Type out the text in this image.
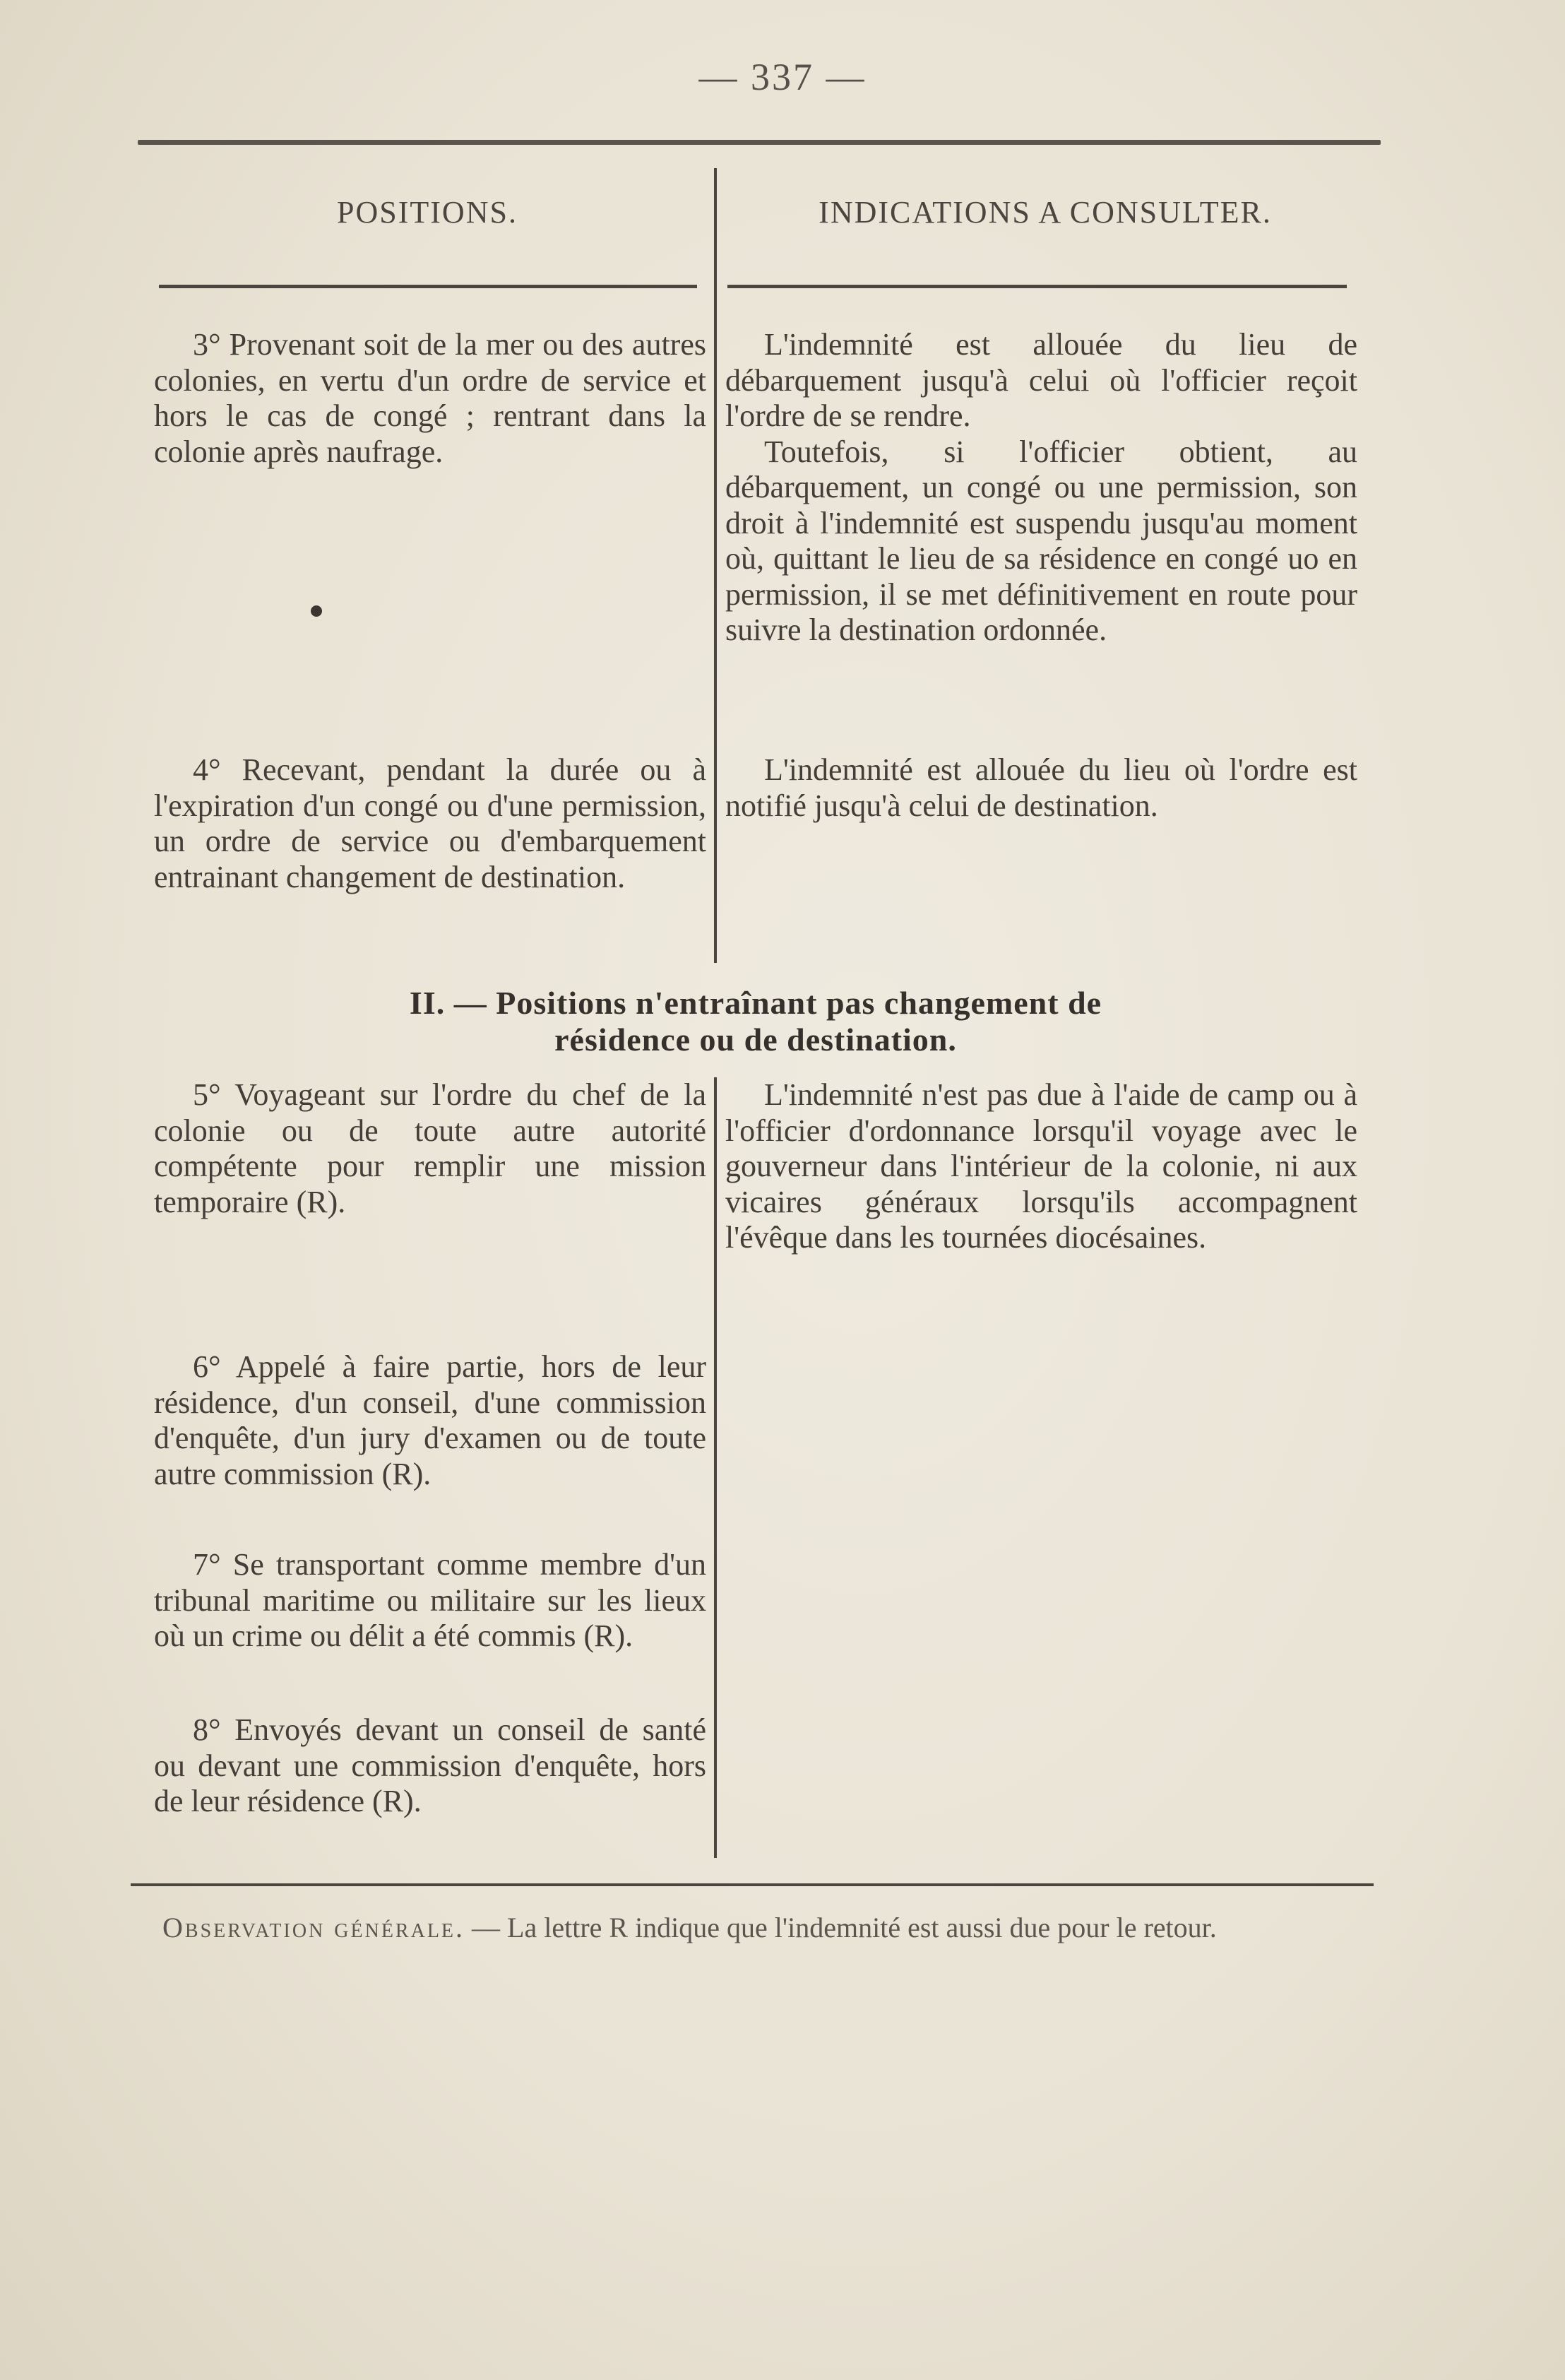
— 337 —
POSITIONS.	INDICATIONS A CONSULTER.

3° Provenant soit de la mer ou des autres colonies, en vertu d'un ordre de service et hors le cas de congé ; rentrant dans la colonie après naufrage.

L'indemnité est allouée du lieu de débarquement jusqu'à celui où l'officier reçoit l'ordre de se rendre.

Toutefois, si l'officier obtient, au débarquement, un congé ou une permission, son droit à l'indemnité est suspendu jusqu'au moment où, quittant le lieu de sa résidence en congé uo en permission, il se met définitivement en route pour suivre la destination ordonnée.

4° Recevant, pendant la durée ou à l'expiration d'un congé ou d'une permission, un ordre de service ou d'embarquement entrainant changement de destination.

L'indemnité est allouée du lieu où l'ordre est notifié jusqu'à celui de destination.

II. — Positions n'entraînant pas changement de
résidence ou de destination.

5° Voyageant sur l'ordre du chef de la colonie ou de toute autre autorité compétente pour remplir une mission temporaire (R).

L'indemnité n'est pas due à l'aide de camp ou à l'officier d'ordonnance lorsqu'il voyage avec le gouverneur dans l'intérieur de la colonie, ni aux vicaires généraux lorsqu'ils accompagnent l'évêque dans les tournées diocésaines.

6° Appelé à faire partie, hors de leur résidence, d'un conseil, d'une commission d'enquête, d'un jury d'examen ou de toute autre commission (R).

7° Se transportant comme membre d'un tribunal maritime ou militaire sur les lieux où un crime ou délit a été commis (R).

8° Envoyés devant un conseil de santé ou devant une commission d'enquête, hors de leur résidence (R).

Observation générale. — La lettre R indique que l'indemnité est aussi due pour le retour.
